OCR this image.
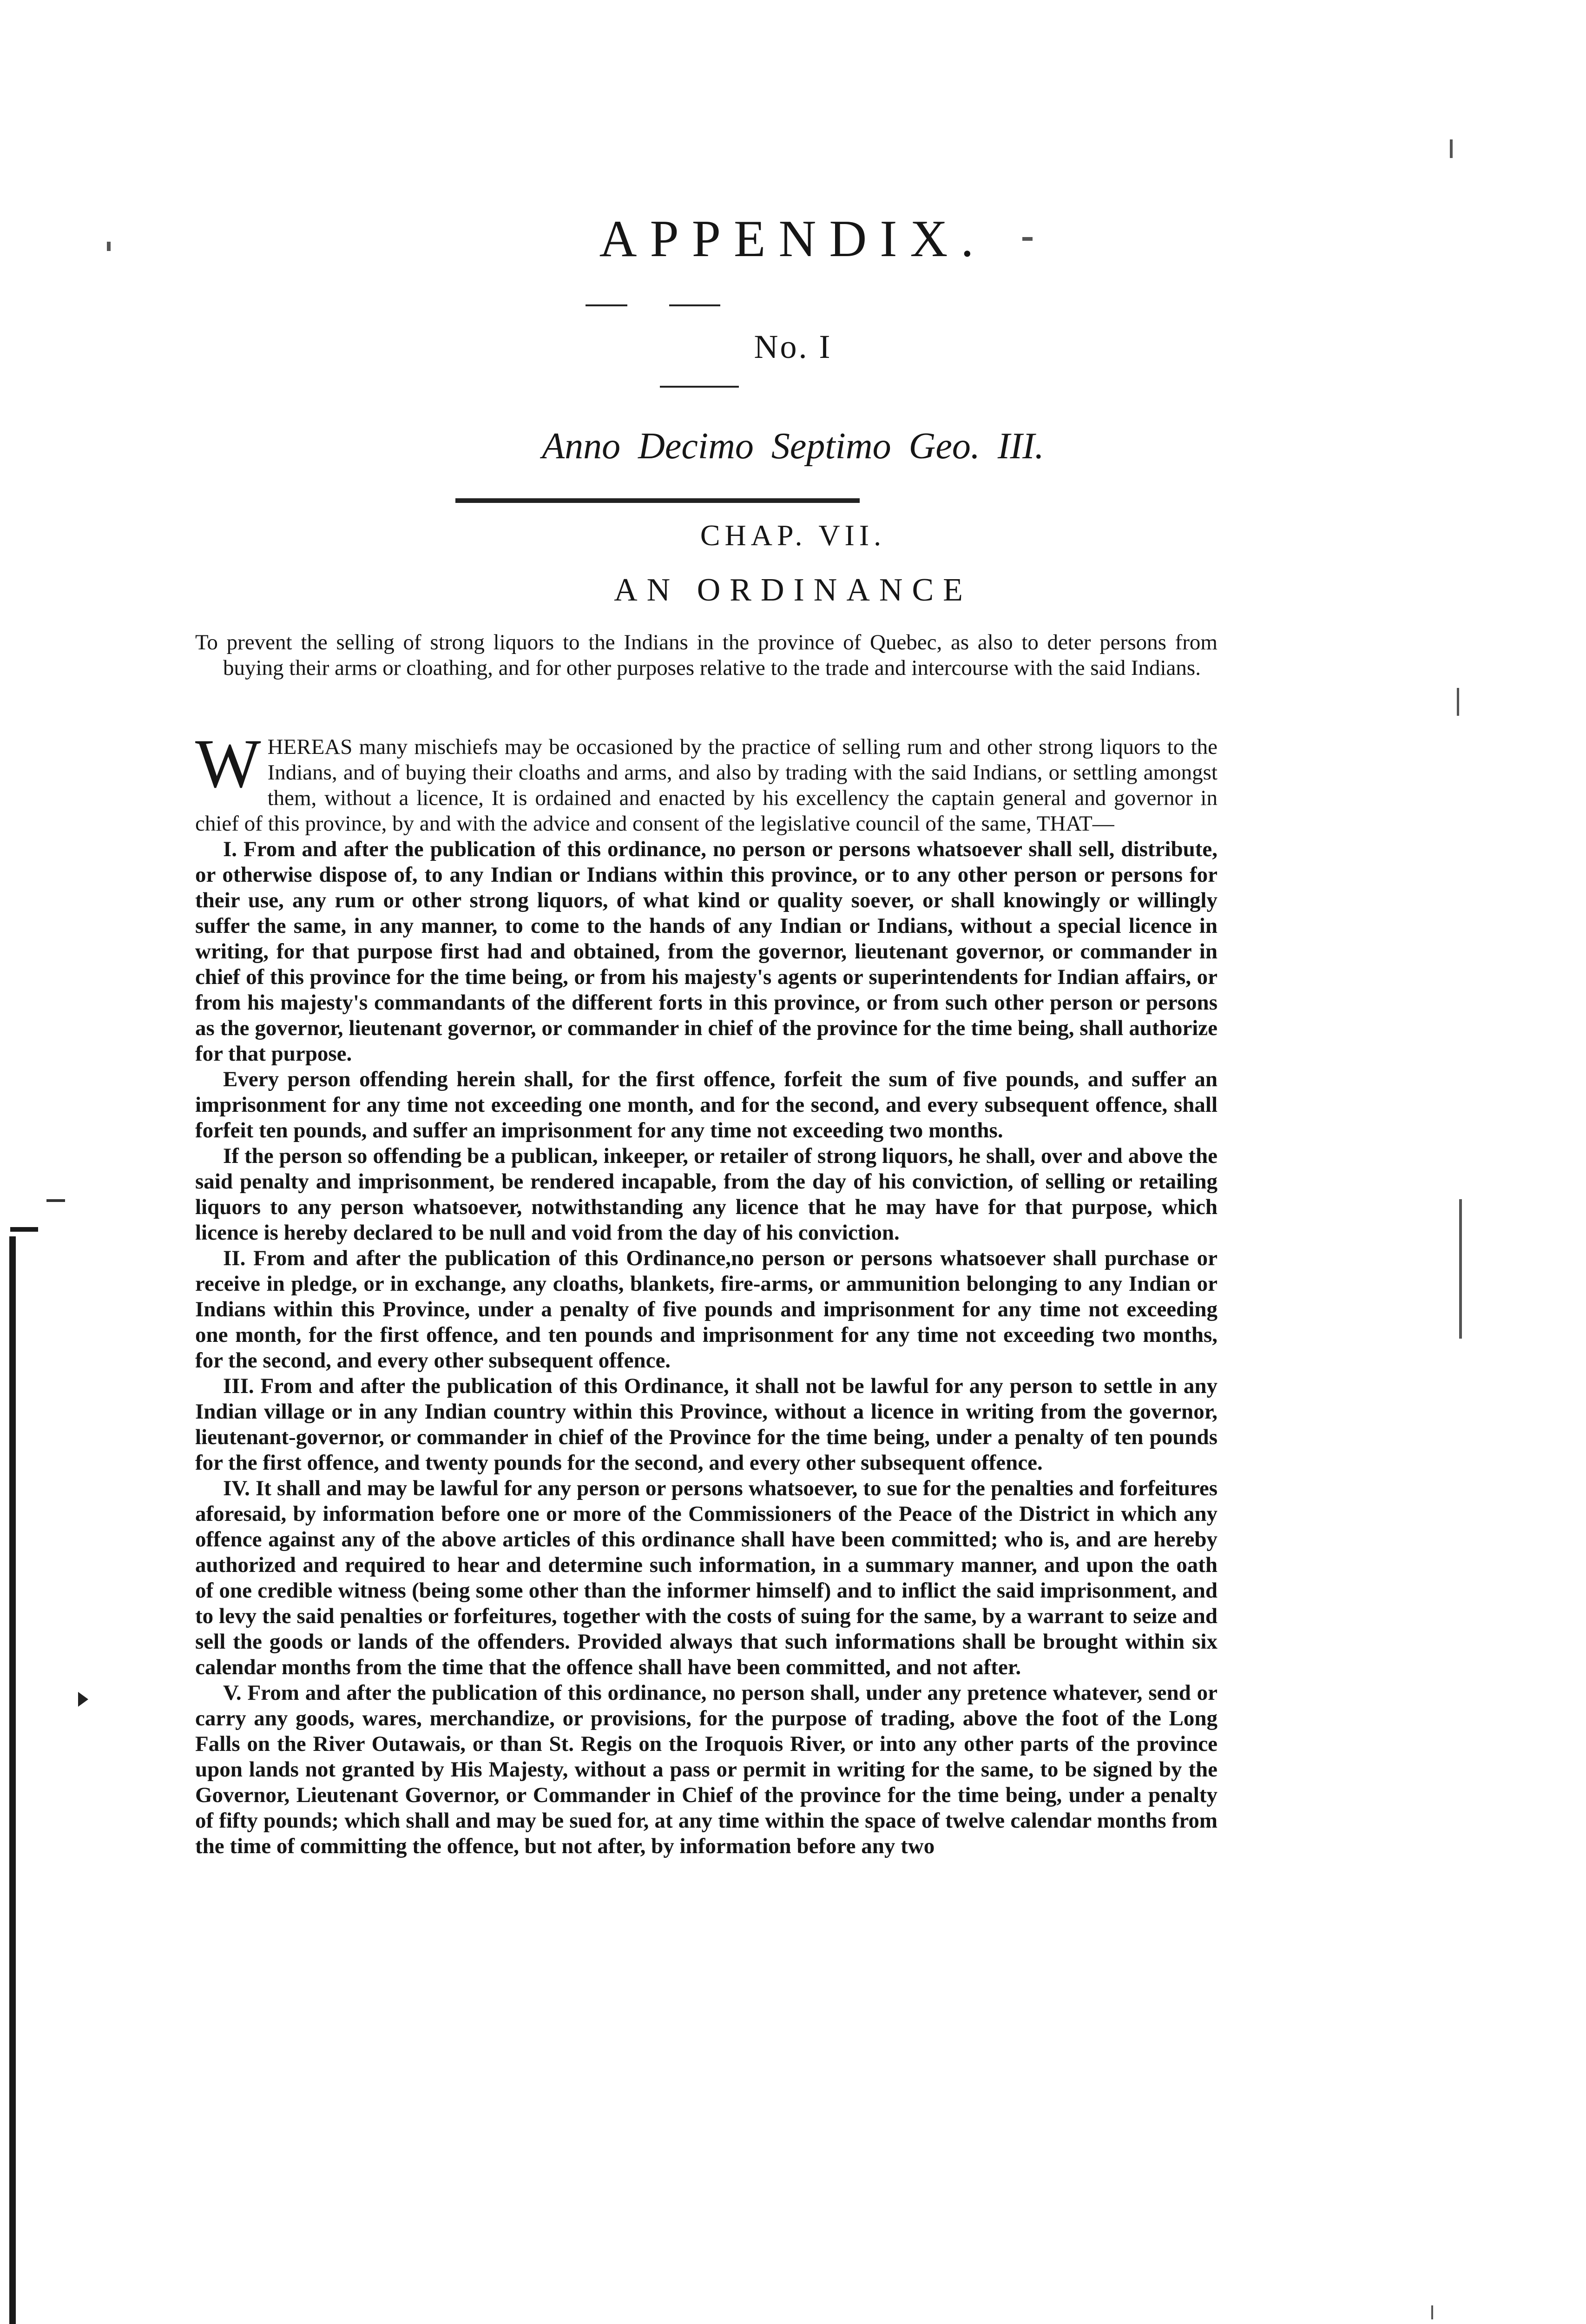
APPENDIX.
No. I
Anno Decimo Septimo Geo. III.
CHAP. VII.
AN ORDINANCE

To prevent the selling of strong liquors to the Indians in the province of Quebec, as also to deter persons from buying their arms or cloathing, and for other purposes relative to the trade and intercourse with the said Indians.

WHEREAS many mischiefs may be occasioned by the practice of selling rum and other strong liquors to the Indians, and of buying their cloaths and arms, and also by trading with the said Indians, or settling amongst them, without a licence, It is ordained and enacted by his excellency the captain general and governor in chief of this province, by and with the advice and consent of the legislative council of the same, THAT—

I. From and after the publication of this ordinance, no person or persons whatsoever shall sell, distribute, or otherwise dispose of, to any Indian or Indians within this province, or to any other person or persons for their use, any rum or other strong liquors, of what kind or quality soever, or shall knowingly or willingly suffer the same, in any manner, to come to the hands of any Indian or Indians, without a special licence in writing, for that purpose first had and obtained, from the governor, lieutenant governor, or commander in chief of this province for the time being, or from his majesty's agents or superintendents for Indian affairs, or from his majesty's commandants of the different forts in this province, or from such other person or persons as the governor, lieutenant governor, or commander in chief of the province for the time being, shall authorize for that purpose.

Every person offending herein shall, for the first offence, forfeit the sum of five pounds, and suffer an imprisonment for any time not exceeding one month, and for the second, and every subsequent offence, shall forfeit ten pounds, and suffer an imprisonment for any time not exceeding two months.

If the person so offending be a publican, inkeeper, or retailer of strong liquors, he shall, over and above the said penalty and imprisonment, be rendered incapable, from the day of his conviction, of selling or retailing liquors to any person whatsoever, notwithstanding any licence that he may have for that purpose, which licence is hereby declared to be null and void from the day of his conviction.

II. From and after the publication of this Ordinance,no person or persons whatsoever shall purchase or receive in pledge, or in exchange, any cloaths, blankets, fire-arms, or ammunition belonging to any Indian or Indians within this Province, under a penalty of five pounds and imprisonment for any time not exceeding one month, for the first offence, and ten pounds and imprisonment for any time not exceeding two months, for the second, and every other subsequent offence.

III. From and after the publication of this Ordinance, it shall not be lawful for any person to settle in any Indian village or in any Indian country within this Province, without a licence in writing from the governor, lieutenant-governor, or commander in chief of the Province for the time being, under a penalty of ten pounds for the first offence, and twenty pounds for the second, and every other subsequent offence.

IV. It shall and may be lawful for any person or persons whatsoever, to sue for the penalties and forfeitures aforesaid, by information before one or more of the Commissioners of the Peace of the District in which any offence against any of the above articles of this ordinance shall have been committed; who is, and are hereby authorized and required to hear and determine such information, in a summary manner, and upon the oath of one credible witness (being some other than the informer himself) and to inflict the said imprisonment, and to levy the said penalties or forfeitures, together with the costs of suing for the same, by a warrant to seize and sell the goods or lands of the offenders. Provided always that such informations shall be brought within six calendar months from the time that the offence shall have been committed, and not after.

V. From and after the publication of this ordinance, no person shall, under any pretence whatever, send or carry any goods, wares, merchandize, or provisions, for the purpose of trading, above the foot of the Long Falls on the River Outawais, or than St. Regis on the Iroquois River, or into any other parts of the province upon lands not granted by His Majesty, without a pass or permit in writing for the same, to be signed by the Governor, Lieutenant Governor, or Commander in Chief of the province for the time being, under a penalty of fifty pounds; which shall and may be sued for, at any time within the space of twelve calendar months from the time of committing the offence, but not after, by information before any two
